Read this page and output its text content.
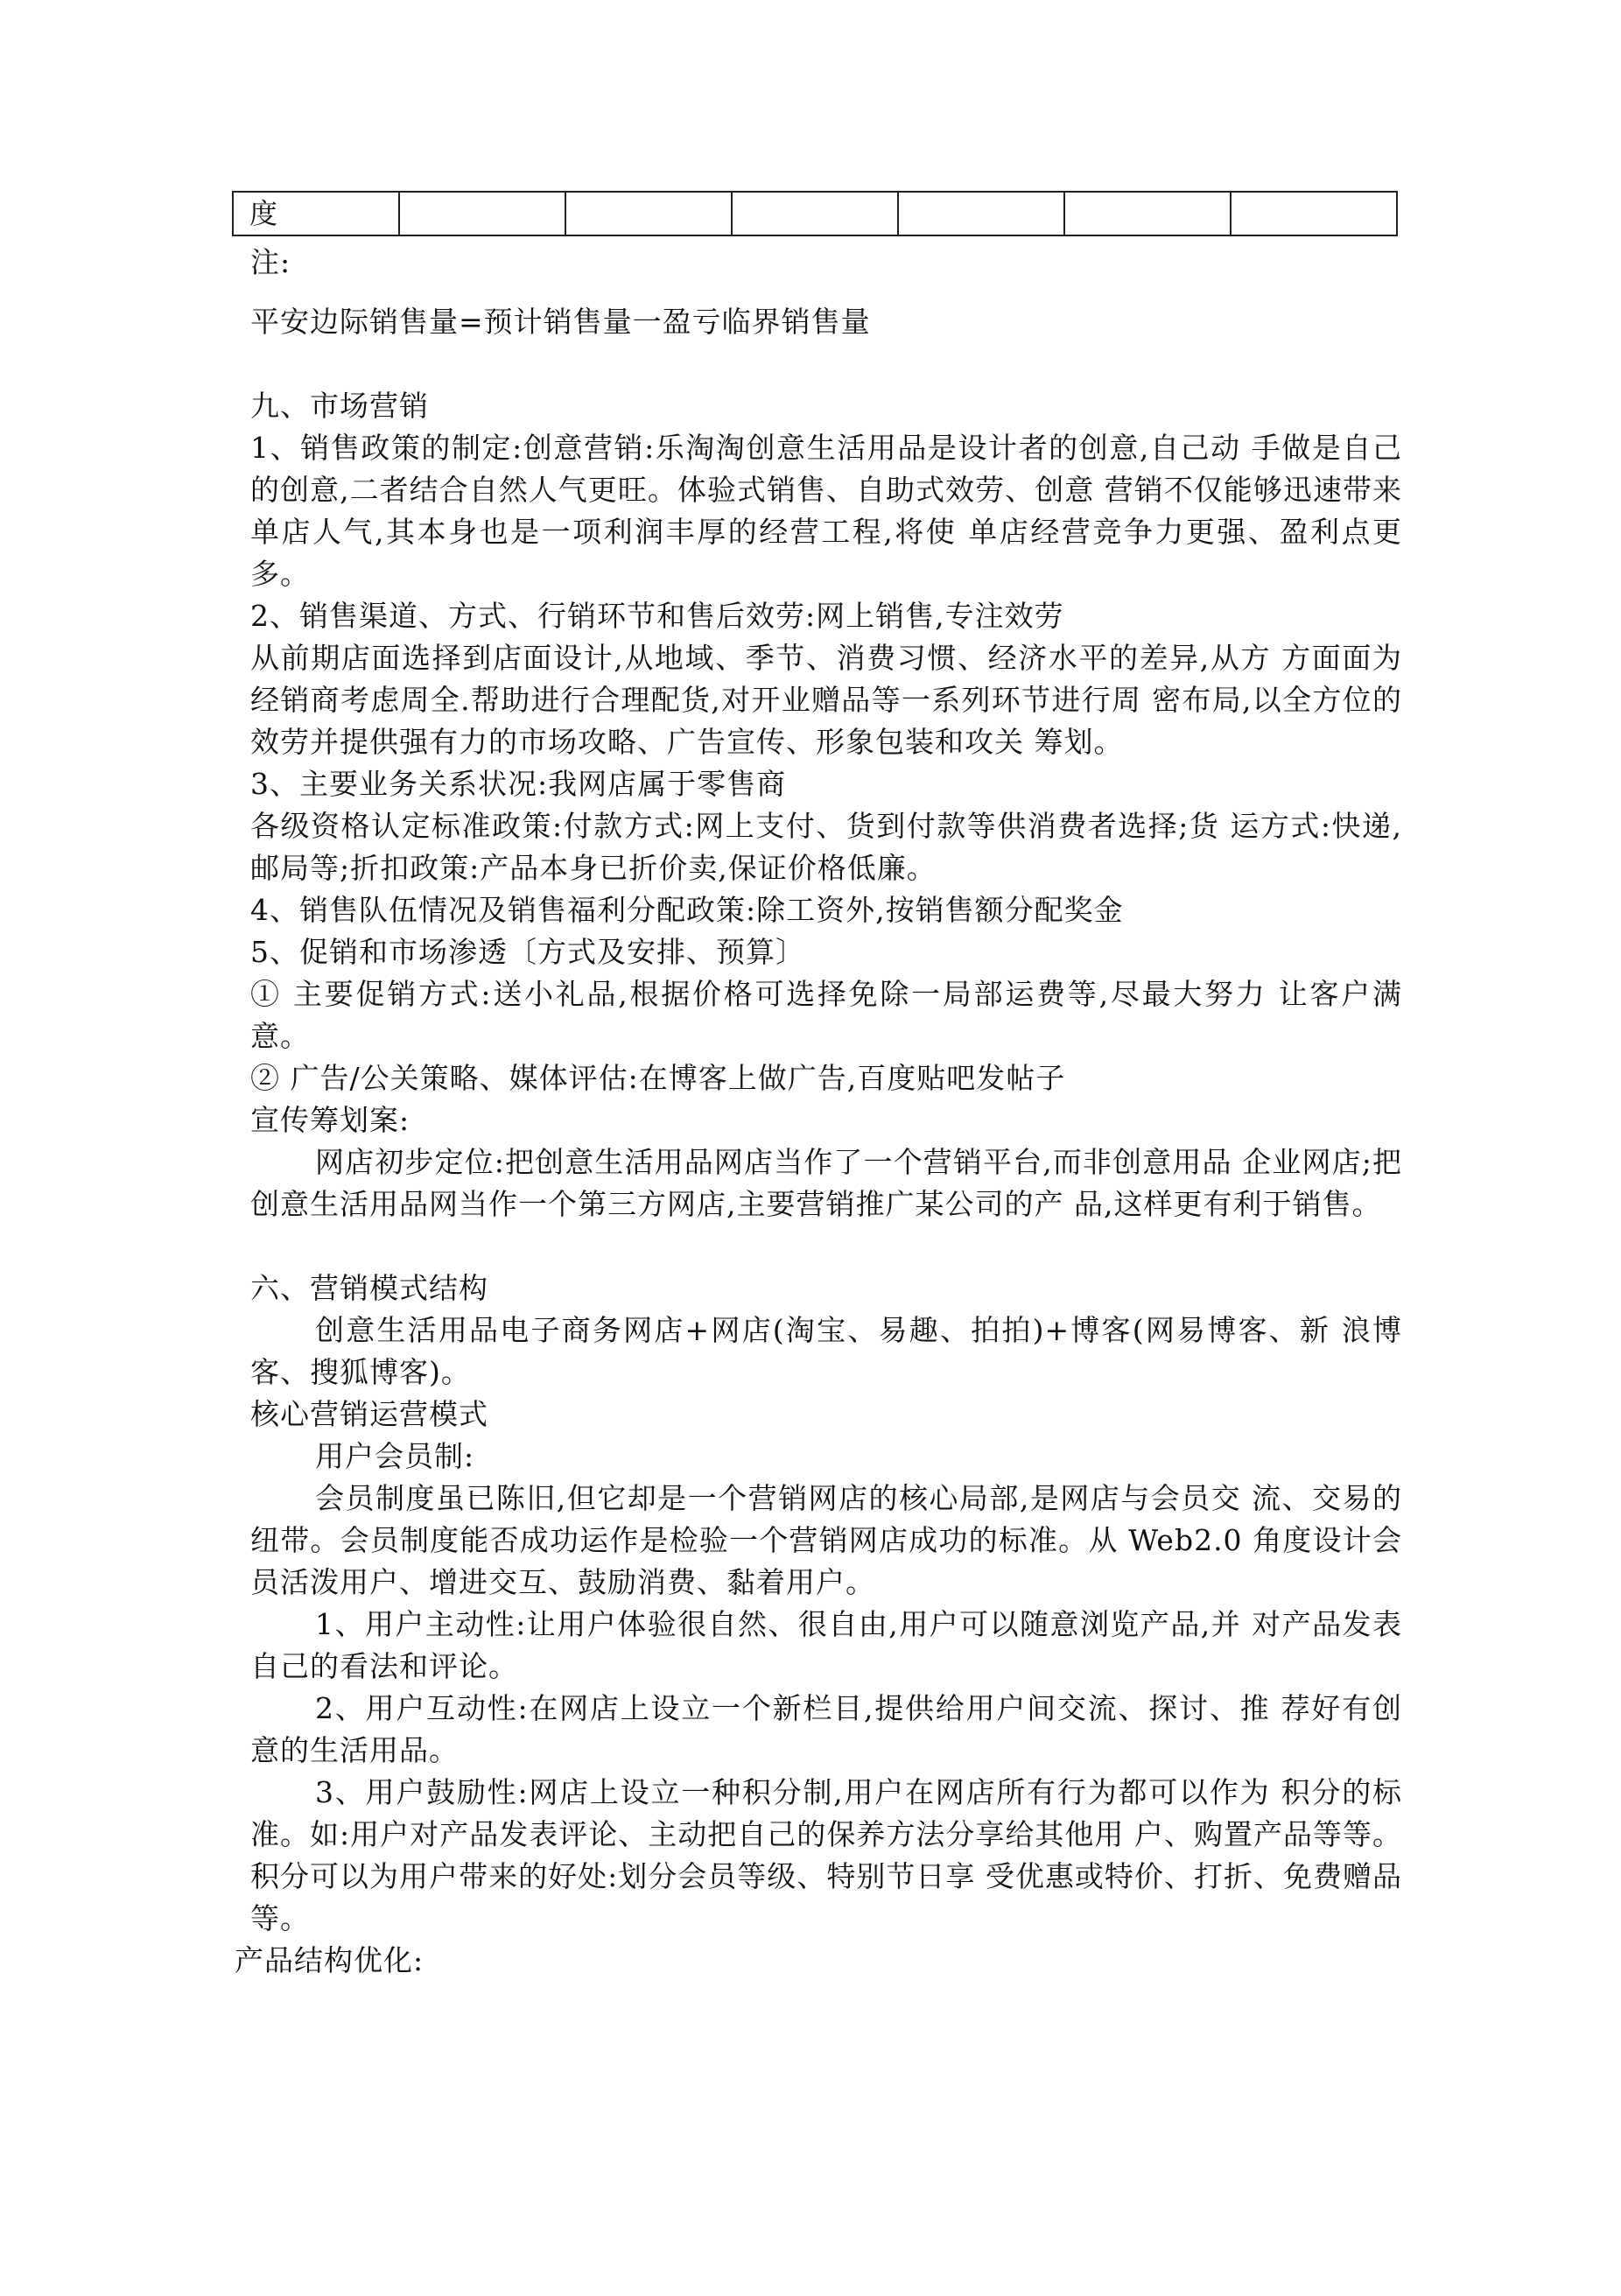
度						

注:

平安边际销售量=预计销售量一盈亏临界销售量

九、市场营销

1、销售政策的制定:创意营销:乐淘淘创意生活用品是设计者的创意,自己动 手做是自己的创意,二者结合自然人气更旺。体验式销售、自助式效劳、创意 营销不仅能够迅速带来单店人气,其本身也是一项利润丰厚的经营工程,将使 单店经营竞争力更强、盈利点更多。

2、销售渠道、方式、行销环节和售后效劳:网上销售,专注效劳

从前期店面选择到店面设计,从地域、季节、消费习惯、经济水平的差异,从方 方面面为经销商考虑周全.帮助进行合理配货,对开业赠品等一系列环节进行周 密布局,以全方位的效劳并提供强有力的市场攻略、广告宣传、形象包装和攻关 筹划。

3、主要业务关系状况:我网店属于零售商

各级资格认定标准政策:付款方式:网上支付、货到付款等供消费者选择;货 运方式:快递,邮局等;折扣政策:产品本身已折价卖,保证价格低廉。

4、销售队伍情况及销售福利分配政策:除工资外,按销售额分配奖金

5、促销和市场渗透〔方式及安排、预算〕

① 主要促销方式:送小礼品,根据价格可选择免除一局部运费等,尽最大努力 让客户满意。

② 广告/公关策略、媒体评估:在博客上做广告,百度贴吧发帖子

宣传筹划案:

网店初步定位:把创意生活用品网店当作了一个营销平台,而非创意用品 企业网店;把创意生活用品网当作一个第三方网店,主要营销推广某公司的产 品,这样更有利于销售。

六、营销模式结构

创意生活用品电子商务网店+网店(淘宝、易趣、拍拍)+博客(网易博客、新 浪博客、搜狐博客)。

核心营销运营模式

用户会员制:

会员制度虽已陈旧,但它却是一个营销网店的核心局部,是网店与会员交 流、交易的纽带。会员制度能否成功运作是检验一个营销网店成功的标准。从 Web2.0 角度设计会员活泼用户、增进交互、鼓励消费、黏着用户。

1、用户主动性:让用户体验很自然、很自由,用户可以随意浏览产品,并 对产品发表自己的看法和评论。

2、用户互动性:在网店上设立一个新栏目,提供给用户间交流、探讨、推 荐好有创意的生活用品。

3、用户鼓励性:网店上设立一种积分制,用户在网店所有行为都可以作为 积分的标准。如:用户对产品发表评论、主动把自己的保养方法分享给其他用 户、购置产品等等。积分可以为用户带来的好处:划分会员等级、特别节日享 受优惠或特价、打折、免费赠品等。

产品结构优化:
